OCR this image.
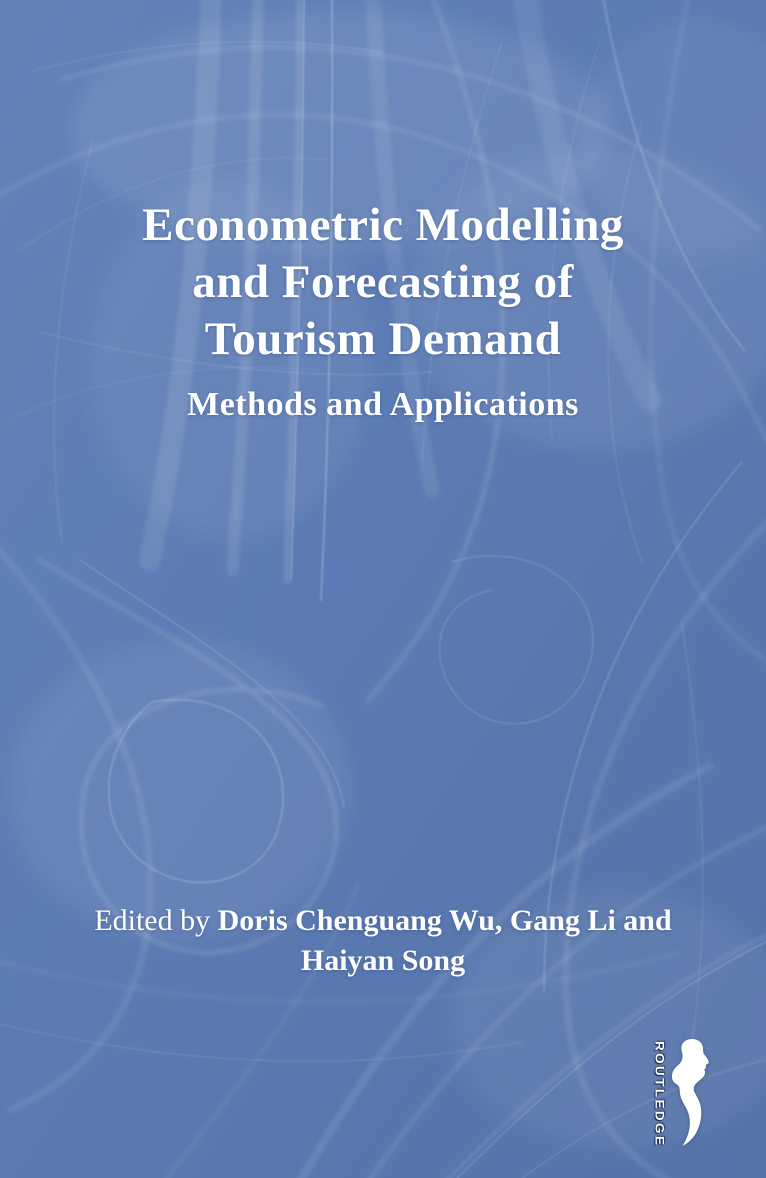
Econometric Modelling
and Forecasting of
Tourism Demand
Methods and Applications
Edited by Doris Chenguang Wu, Gang Li and Haiyan Song
ROUTLEDGE
